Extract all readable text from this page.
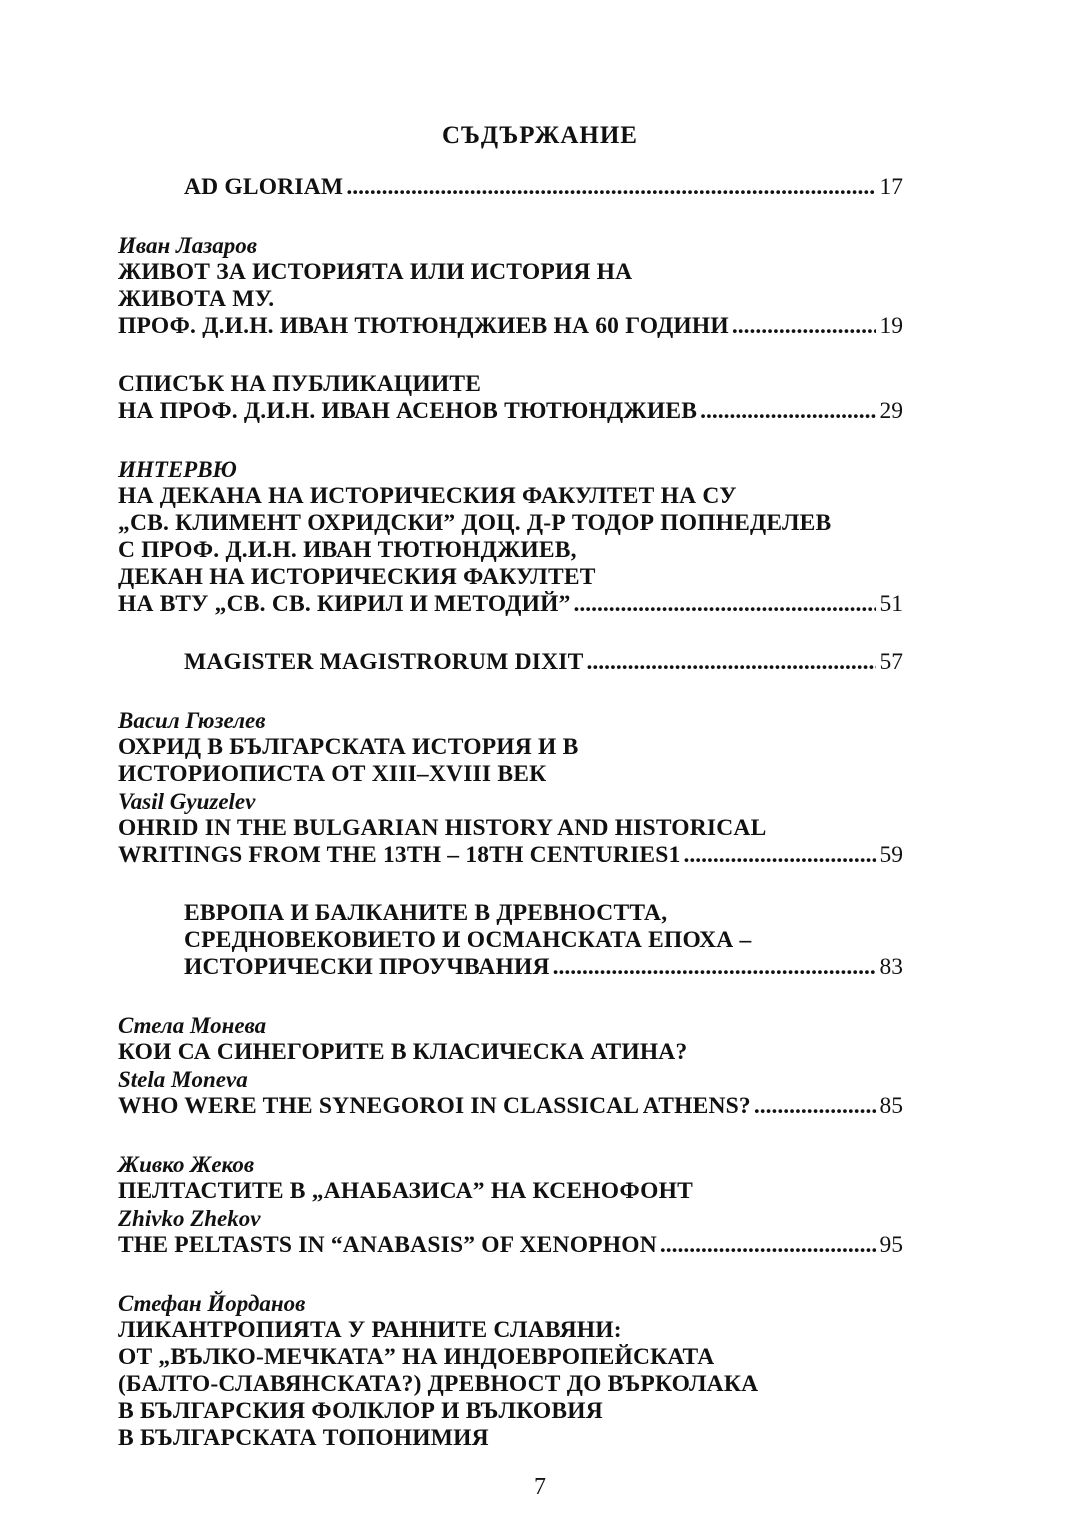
СЪДЪРЖАНИЕ
AD GLORIAM .....	17
Иван Лазаров
ЖИВОТ ЗА ИСТОРИЯТА ИЛИ ИСТОРИЯ НА
ЖИВОТА МУ.
ПРОФ. Д.И.Н. ИВАН ТЮТЮНДЖИЕВ НА 60 ГОДИНИ .....	19
СПИСЪК НА ПУБЛИКАЦИИТЕ
НА ПРОФ. Д.И.Н. ИВАН АСЕНОВ ТЮТЮНДЖИЕВ .....	29
ИНТЕРВЮ
НА ДЕКАНА НА ИСТОРИЧЕСКИЯ ФАКУЛТЕТ НА СУ
„СВ. КЛИМЕНТ ОХРИДСКИ” ДОЦ. Д-Р ТОДОР ПОПНЕДЕЛЕВ
С ПРОФ. Д.И.Н. ИВАН ТЮТЮНДЖИЕВ,
ДЕКАН НА ИСТОРИЧЕСКИЯ ФАКУЛТЕТ
НА ВТУ „СВ. СВ. КИРИЛ И МЕТОДИЙ” .....	51
MAGISTER MAGISTRORUM DIXIT .....	57
Васил Гюзелев
ОХРИД В БЪЛГАРСКАТА ИСТОРИЯ И В
ИСТОРИОПИСТА ОТ XIII–XVIII ВЕК
Vasil Gyuzelev
OHRID IN THE BULGARIAN HISTORY AND HISTORICAL
WRITINGS FROM THE 13TH – 18TH CENTURIES1 .....	59
ЕВРОПА И БАЛКАНИТЕ В ДРЕВНОСТТА,
СРЕДНОВЕКОВИЕТО И ОСМАНСКАТА ЕПОХА –
ИСТОРИЧЕСКИ ПРОУЧВАНИЯ .....	83
Стела Монева
КОИ СА СИНЕГОРИТЕ В КЛАСИЧЕСКА АТИНА?
Stela Moneva
WHO WERE THE SYNEGOROI IN CLASSICAL ATHENS? .....	85
Живко Жеков
ПЕЛТАСТИТЕ В „АНАБАЗИСА” НА КСЕНОФОНТ
Zhivko Zhekov
THE PELTASTS IN “ANABASIS” OF XENOPHON .....	95
Стефан Йорданов
ЛИКАНТРОПИЯТА У РАННИТЕ СЛАВЯНИ:
ОТ „ВЪЛКО-МЕЧКАТА” НА ИНДОЕВРОПЕЙСКАТА
(БАЛТО-СЛАВЯНСКАТА?) ДРЕВНОСТ ДО ВЪРКОЛАКА
В БЪЛГАРСКИЯ ФОЛКЛОР И ВЪЛКОВИЯ
В БЪЛГАРСКАТА ТОПОНИМИЯ
7
